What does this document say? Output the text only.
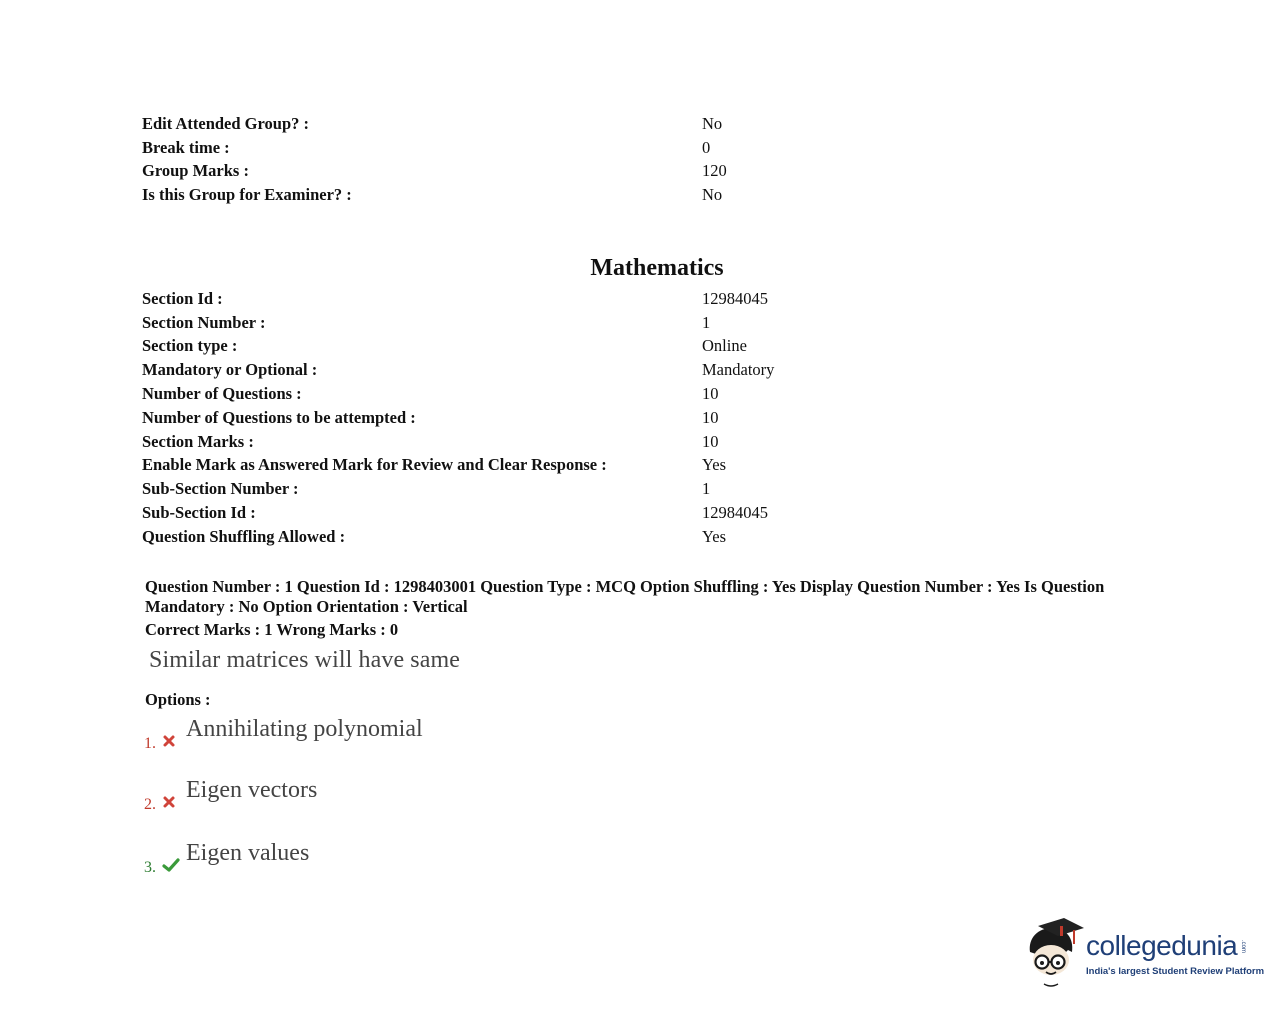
Edit Attended Group? :	No
Break time :	0
Group Marks :	120
Is this Group for Examiner? :	No
Mathematics
Section Id :	12984045
Section Number :	1
Section type :	Online
Mandatory or Optional :	Mandatory
Number of Questions :	10
Number of Questions to be attempted :	10
Section Marks :	10
Enable Mark as Answered Mark for Review and Clear Response :	Yes
Sub-Section Number :	1
Sub-Section Id :	12984045
Question Shuffling Allowed :	Yes
Question Number : 1 Question Id : 1298403001 Question Type : MCQ Option Shuffling : Yes Display Question Number : Yes Is Question Mandatory : No Option Orientation : Vertical
Correct Marks : 1 Wrong Marks : 0
Similar matrices will have same
Options :
1.
Annihilating polynomial
2.
Eigen vectors
3.
Eigen values
collegedunia .com
India's largest Student Review Platform
